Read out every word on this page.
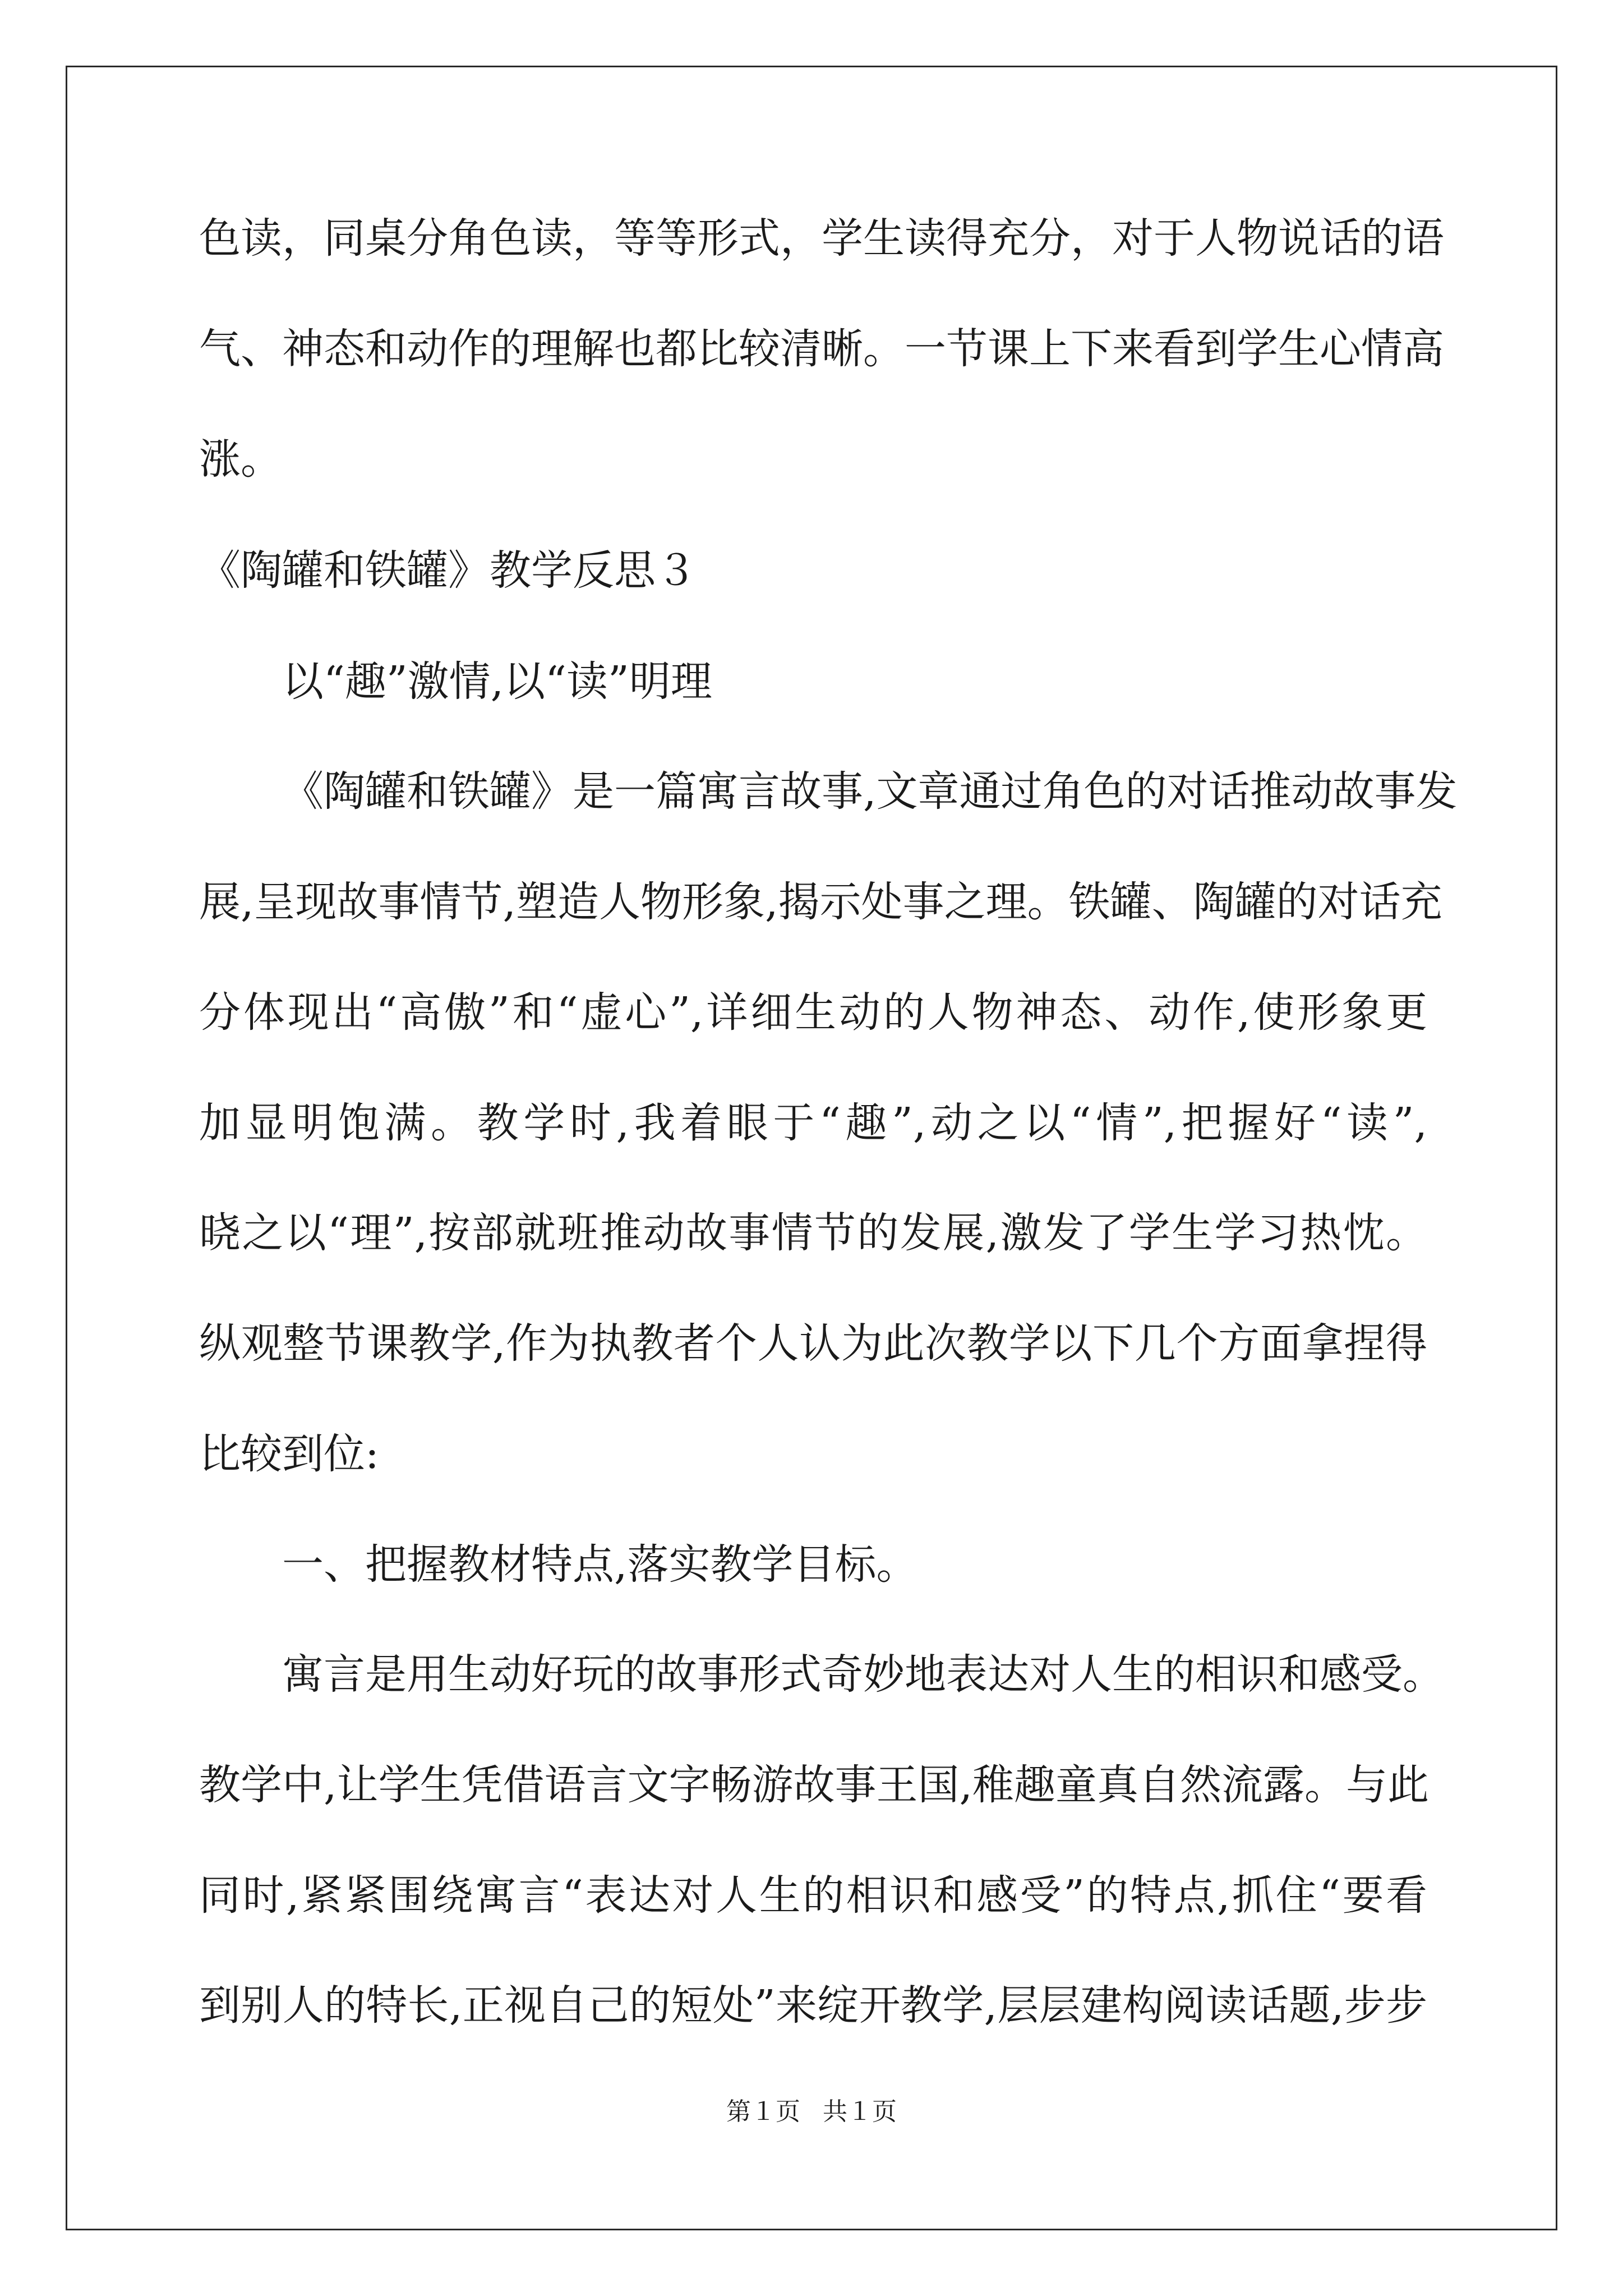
色读，同桌分角色读，等等形式，学生读得充分，对于人物说话的语
气、神态和动作的理解也都比较清晰。一节课上下来看到学生心情高
涨。
《陶罐和铁罐》教学反思３
以“趣”激情,以“读”明理
《陶罐和铁罐》是一篇寓言故事,文章通过角色的对话推动故事发
展,呈现故事情节,塑造人物形象,揭示处事之理。铁罐、陶罐的对话充
分体现出“高傲”和“虚心”,详细生动的人物神态、动作,使形象更
加显明饱满。教学时,我着眼于“趣”,动之以“情”,把握好“读”,
晓之以“理”,按部就班推动故事情节的发展,激发了学生学习热忱。
纵观整节课教学,作为执教者个人认为此次教学以下几个方面拿捏得
比较到位:
一、把握教材特点,落实教学目标。
寓言是用生动好玩的故事形式奇妙地表达对人生的相识和感受。
教学中,让学生凭借语言文字畅游故事王国,稚趣童真自然流露。与此
同时,紧紧围绕寓言“表达对人生的相识和感受”的特点,抓住“要看
到别人的特长,正视自己的短处”来绽开教学,层层建构阅读话题,步步
第１页 共１页
